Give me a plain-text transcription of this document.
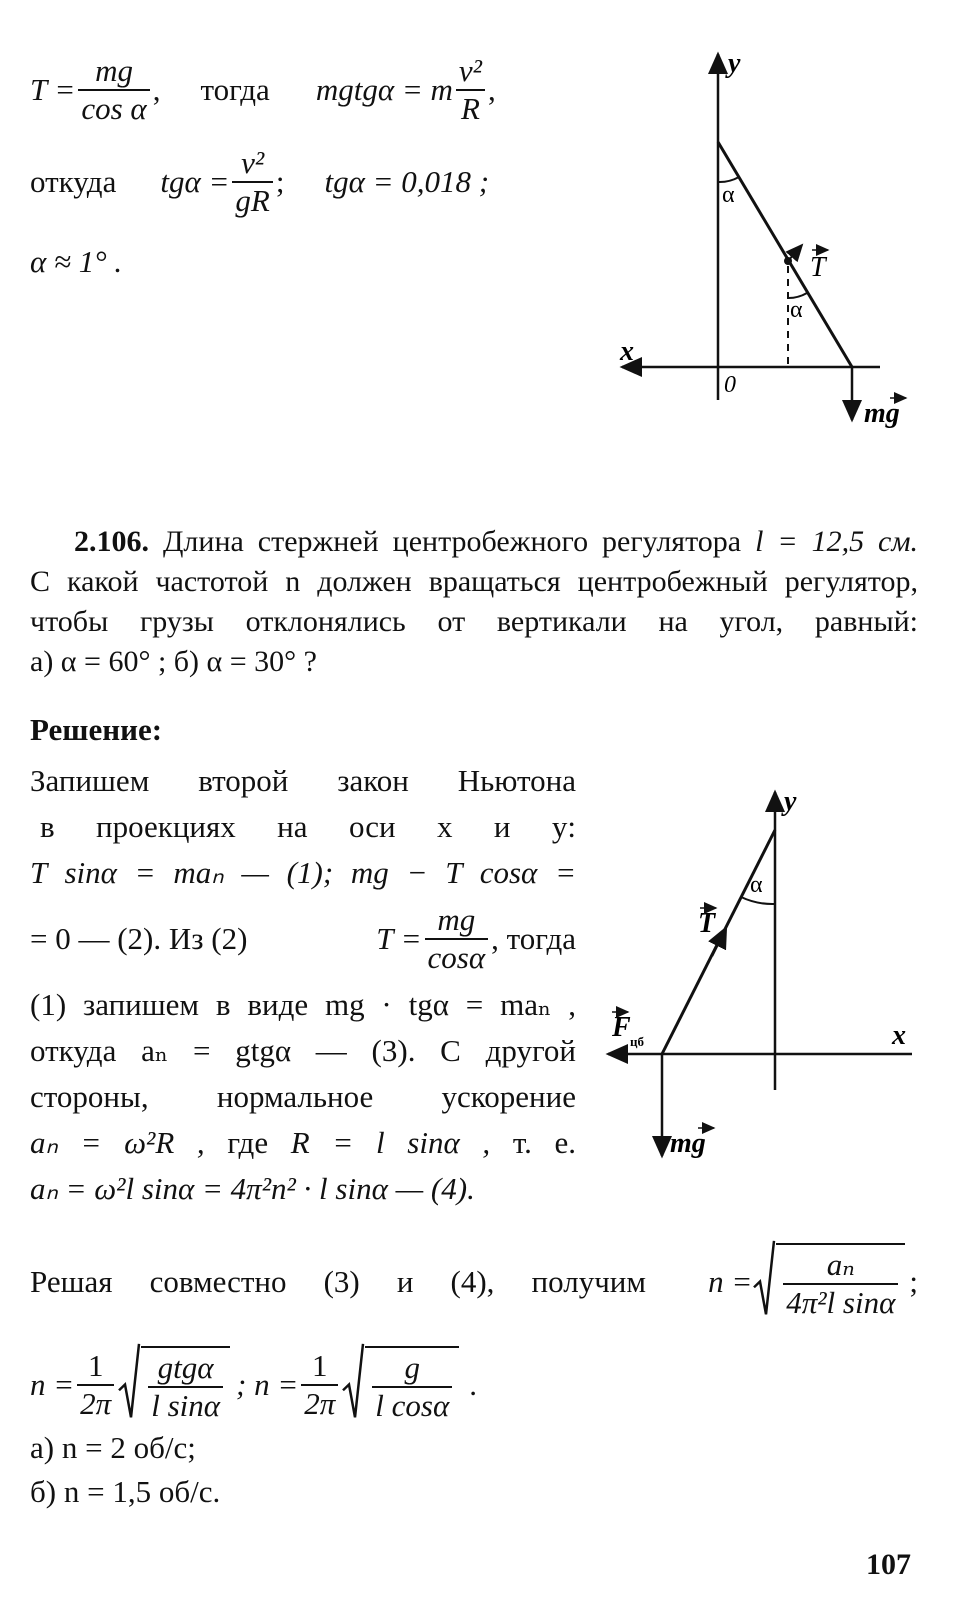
$T = \frac{mg}{\text{cos α}}$ , тогда mgtgα = m $\frac{\text{v²}}{R}$ ,
откуда $tg\alpha = \frac{\text{v²}}{gR}$ ; tgα = 0,018 ;
α ≈ 1° .
y
x
0
α
α
T
mg
2.106. Длина стержней центробежного регулятора l = 12,5 см.
С какой частотой n должен вращаться центробежный регулятор,
чтобы грузы отклонялись от вертикали на угол, равный:
а) α = 60° ; б) α = 30° ?
Решение:
Запишем второй закон Ньютона
в проекциях на оси x и y:
T sinα = maₙ — (1); mg − T cosα =
= 0 — (2). Из (2)	$T = \frac{mg}{\cos\alpha}$ , тогда
(1) запишем в виде mg · tgα = maₙ ,
откуда aₙ = gtgα — (3). С другой
стороны, нормальное ускорение
aₙ = ω²R , где R = l sinα , т. е.
aₙ = ω²l sinα = 4π²n² · l sinα — (4).
y
x
α
T
F цб
mg
Решая совместно (3) и (4), получим $n = \frac{\text{aₙ}}{\text{4π²l sinα}}$ ;
$n = \frac{1}{2\pi} \frac{\text{gtgα}}{\text{l sinα}}$ ; $n = \frac{1}{2\pi} \frac{g}{\text{l cosα}}$ .
а) n = 2 об/с;
б) n = 1,5 об/с.
107
